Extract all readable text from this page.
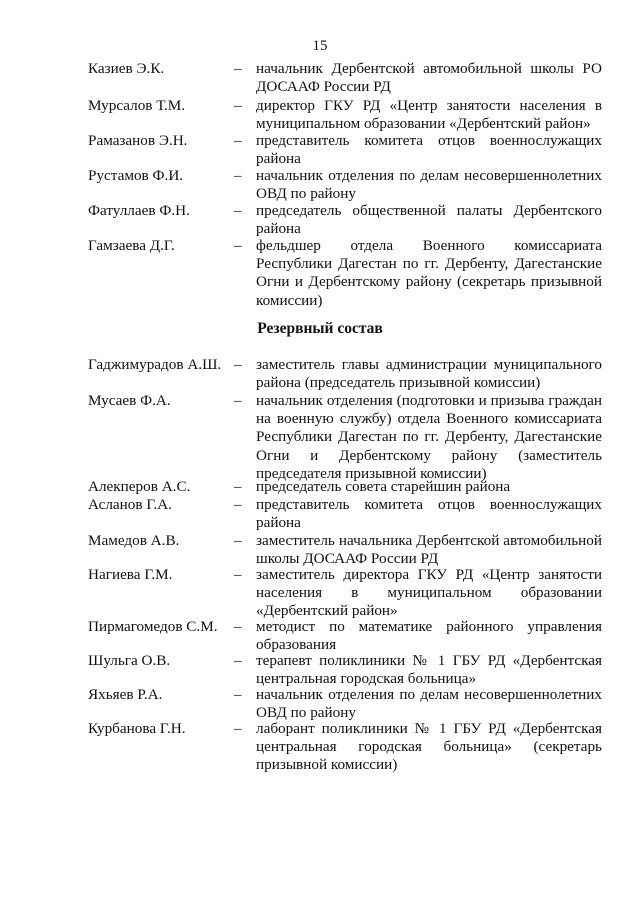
15
Казиев Э.К.	– начальник Дербентской автомобильной школы РО ДОСААФ России РД
Мурсалов Т.М.	– директор ГКУ РД «Центр занятости населения в муниципальном образовании «Дербентский район»
Рамазанов Э.Н.	– представитель комитета отцов военнослужащих района
Рустамов Ф.И.	– начальник отделения по делам несовершеннолетних ОВД по району
Фатуллаев Ф.Н.	– председатель общественной палаты Дербентского района
Гамзаева Д.Г.	– фельдшер отдела Военного комиссариата Республики Дагестан по гг. Дербенту, Дагестанские Огни и Дербентскому району (секретарь призывной комиссии)
Резервный состав
Гаджимурадов А.Ш. – заместитель главы администрации муниципального района (председатель призывной комиссии)
Мусаев Ф.А.	– начальник отделения (подготовки и призыва граждан на военную службу) отдела Военного комиссариата Республики Дагестан по гг. Дербенту, Дагестанские Огни и Дербентскому району (заместитель председателя призывной комиссии)
Алекперов А.С.	– председатель совета старейшин района
Асланов Г.А.	– представитель комитета отцов военнослужащих района
Мамедов А.В.	– заместитель начальника Дербентской автомобильной школы ДОСААФ России РД
Нагиева Г.М.	– заместитель директора ГКУ РД «Центр занятости населения в муниципальном образовании «Дербентский район»
Пирмагомедов С.М. – методист по математике районного управления образования
Шульга О.В.	– терапевт поликлиники № 1 ГБУ РД «Дербентская центральная городская больница»
Яхьяев Р.А.	– начальник отделения по делам несовершеннолетних ОВД по району
Курбанова Г.Н.	– лаборант поликлиники № 1 ГБУ РД «Дербентская центральная городская больница» (секретарь призывной комиссии)
